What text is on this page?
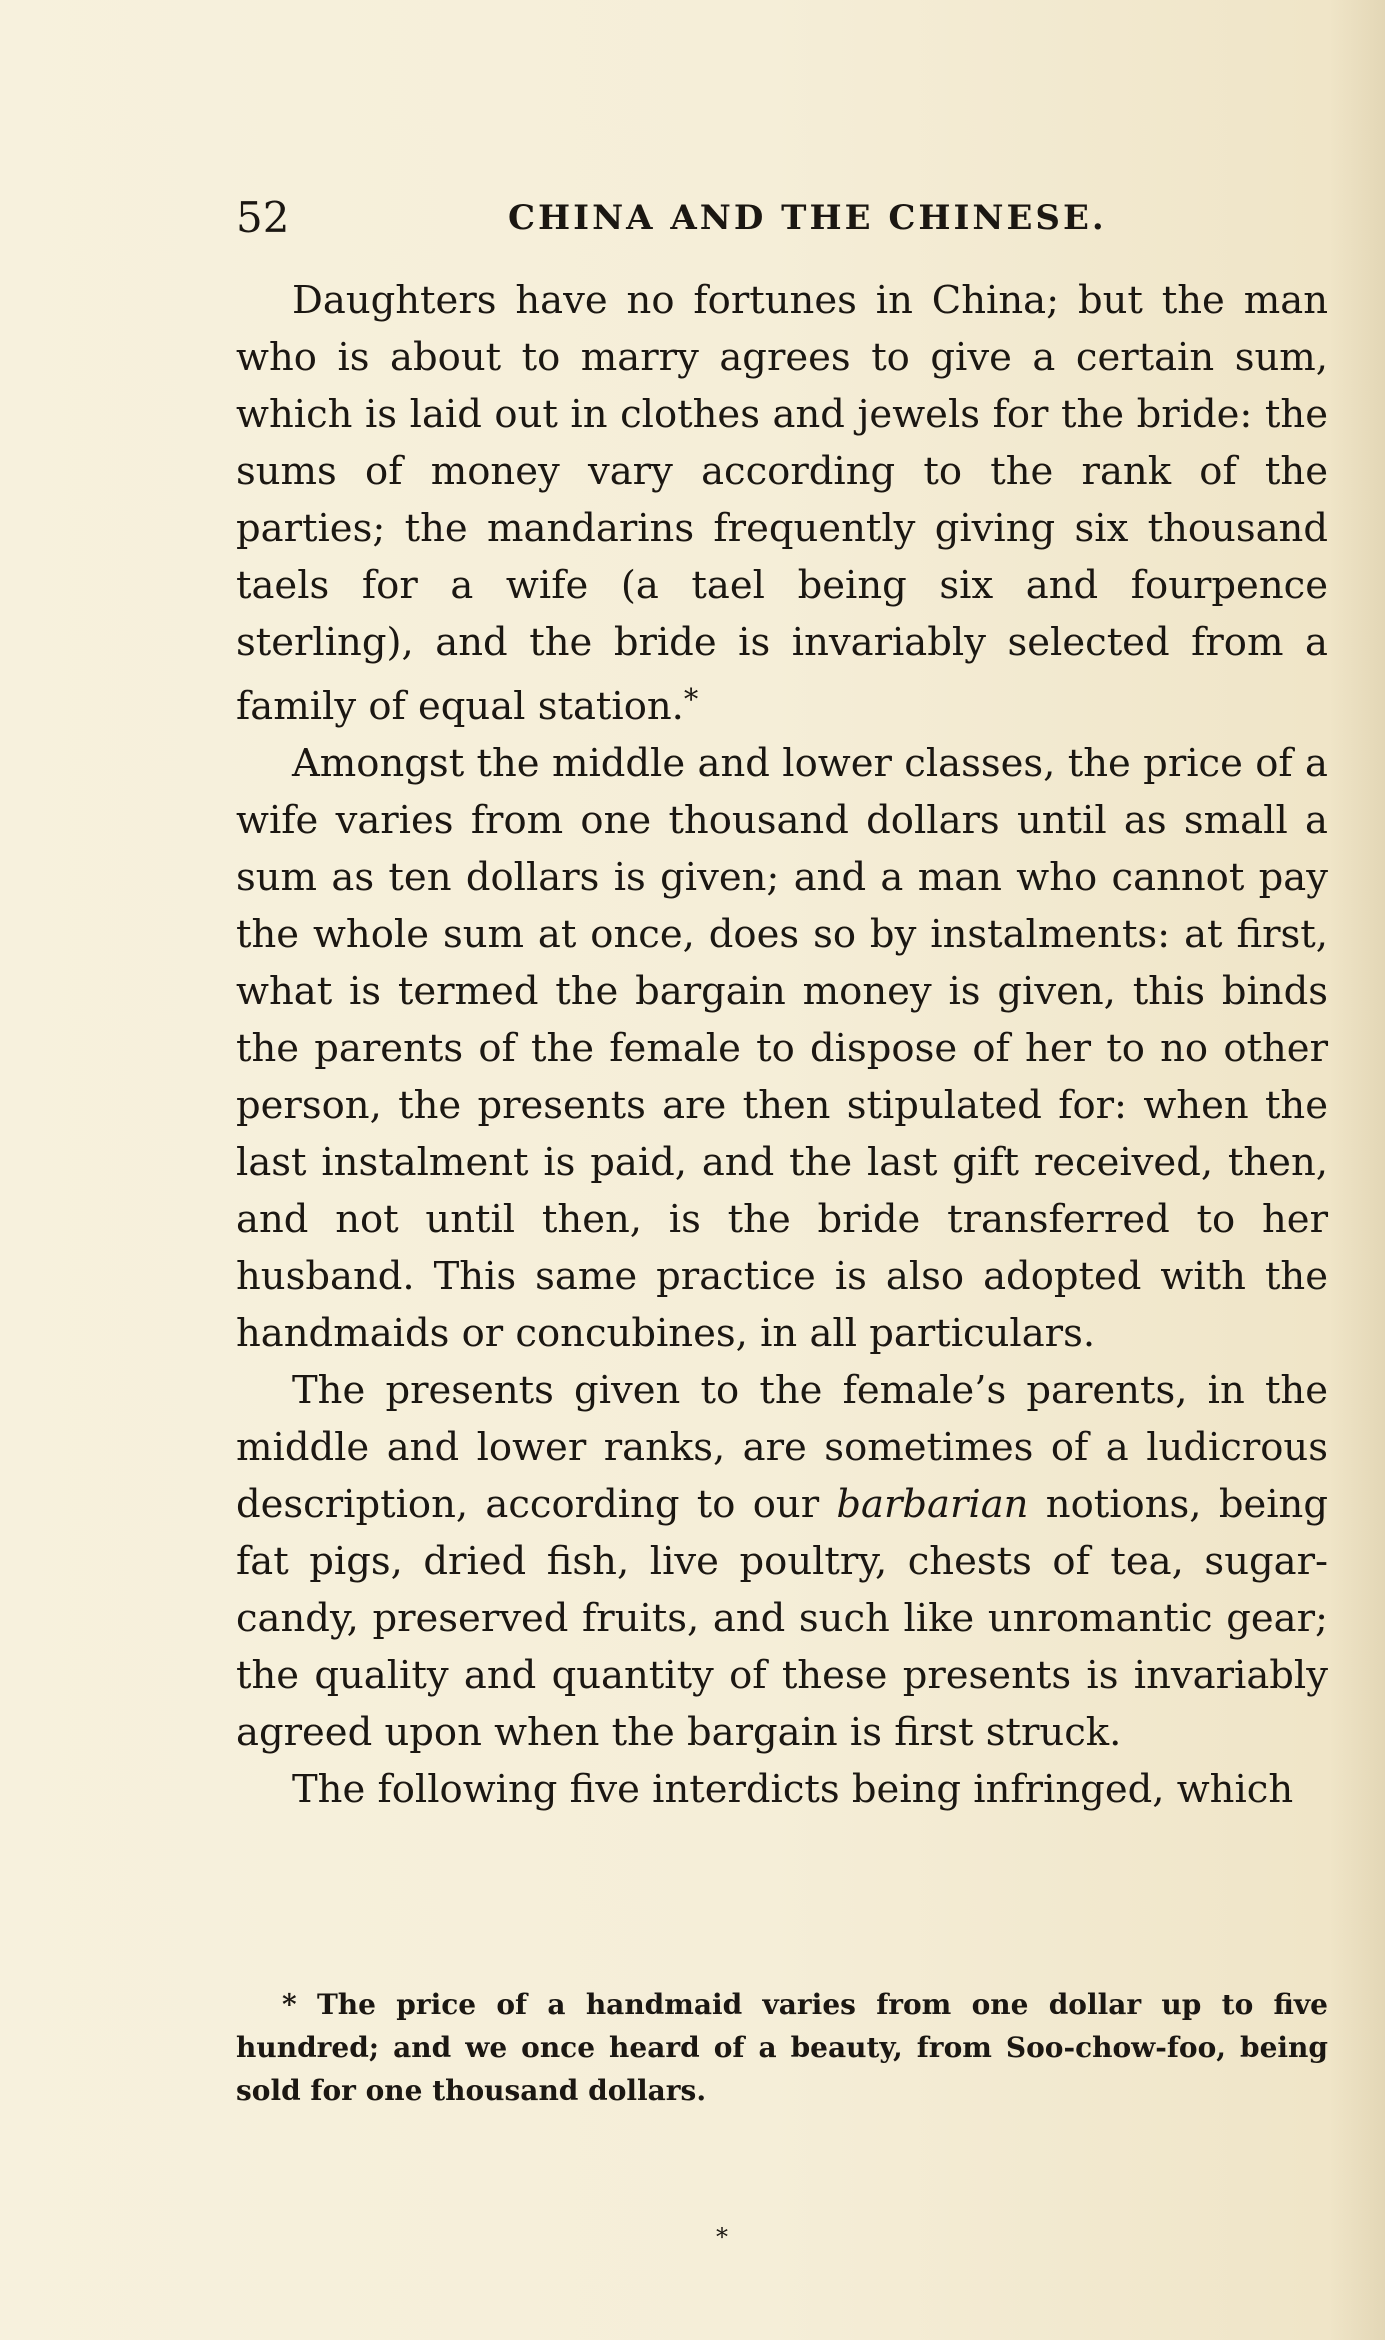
52	CHINA AND THE CHINESE.

Daughters have no fortunes in China; but the man who is about to marry agrees to give a certain sum, which is laid out in clothes and jewels for the bride: the sums of money vary according to the rank of the parties; the mandarins frequently giving six thousand taels for a wife (a tael being six and fourpence sterling), and the bride is invariably selected from a family of equal station.*

Amongst the middle and lower classes, the price of a wife varies from one thousand dollars until as small a sum as ten dollars is given; and a man who cannot pay the whole sum at once, does so by instalments: at first, what is termed the bargain money is given, this binds the parents of the female to dispose of her to no other person, the presents are then stipulated for: when the last instalment is paid, and the last gift received, then, and not until then, is the bride transferred to her husband. This same practice is also adopted with the handmaids or concubines, in all particulars.

The presents given to the female’s parents, in the middle and lower ranks, are sometimes of a ludicrous description, according to our barbarian notions, being fat pigs, dried fish, live poultry, chests of tea, sugar-candy, preserved fruits, and such like unromantic gear; the quality and quantity of these presents is invariably agreed upon when the bargain is first struck.

The following five interdicts being infringed, which

* The price of a handmaid varies from one dollar up to five hundred; and we once heard of a beauty, from Soo-chow-foo, being sold for one thousand dollars.

*
